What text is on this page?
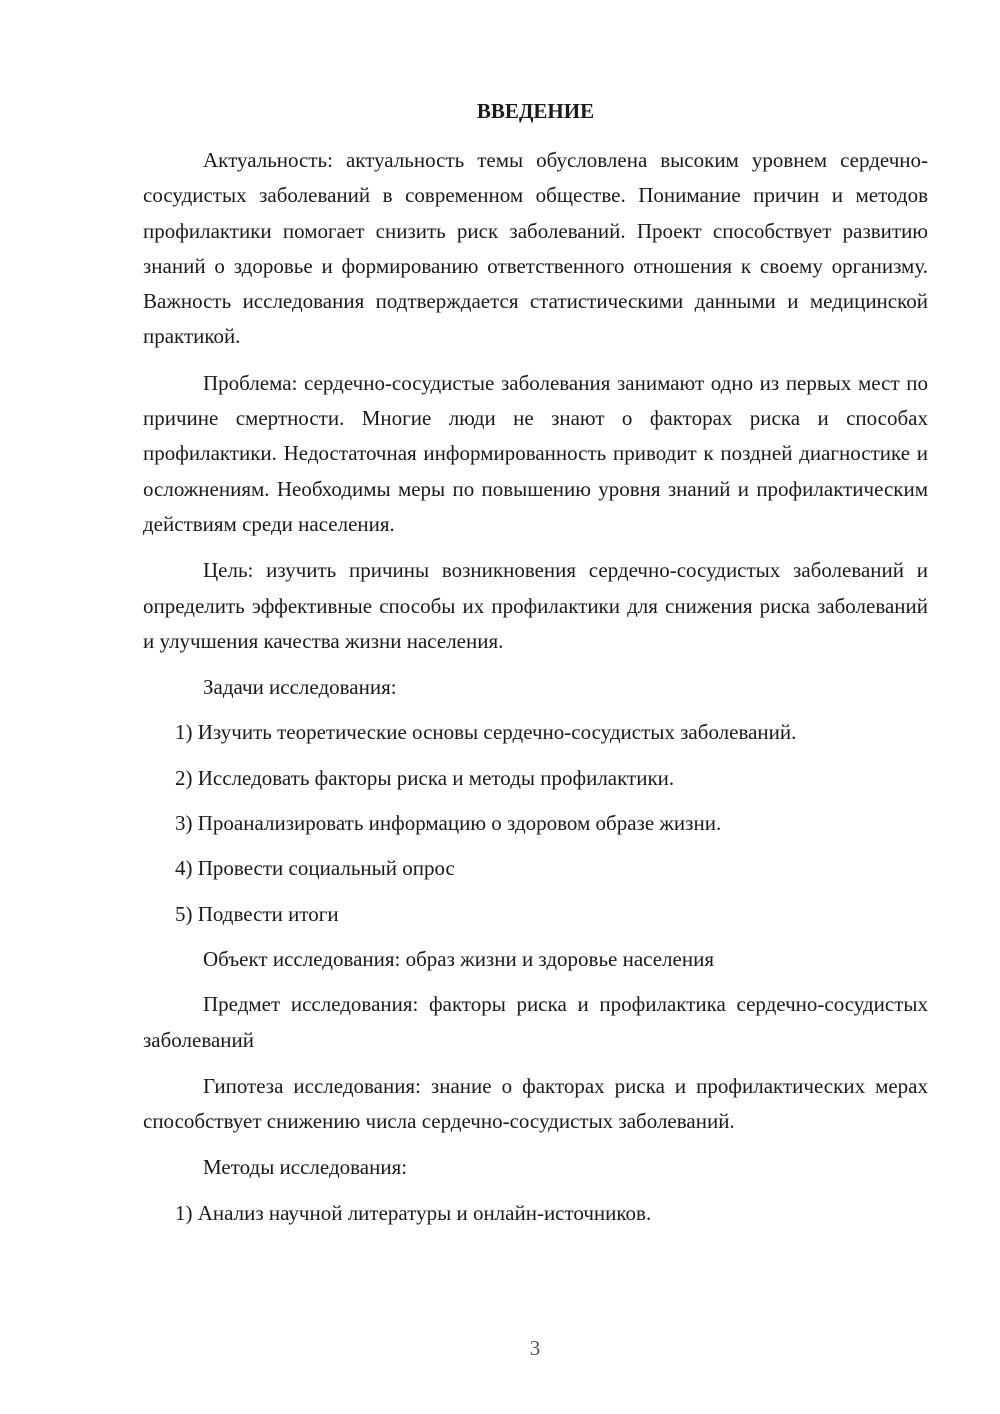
ВВЕДЕНИЕ

Актуальность: актуальность темы обусловлена высоким уровнем сердечно-сосудистых заболеваний в современном обществе. Понимание причин и методов профилактики помогает снизить риск заболеваний. Проект способствует развитию знаний о здоровье и формированию ответственного отношения к своему организму. Важность исследования подтверждается статистическими данными и медицинской практикой.

Проблема: сердечно-сосудистые заболевания занимают одно из первых мест по причине смертности. Многие люди не знают о факторах риска и способах профилактики. Недостаточная информированность приводит к поздней диагностике и осложнениям. Необходимы меры по повышению уровня знаний и профилактическим действиям среди населения.

Цель: изучить причины возникновения сердечно-сосудистых заболеваний и определить эффективные способы их профилактики для снижения риска заболеваний и улучшения качества жизни населения.

Задачи исследования:

1) Изучить теоретические основы сердечно-сосудистых заболеваний.
2) Исследовать факторы риска и методы профилактики.
3) Проанализировать информацию о здоровом образе жизни.
4) Провести социальный опрос
5) Подвести итоги

Объект исследования: образ жизни и здоровье населения

Предмет исследования: факторы риска и профилактика сердечно-сосудистых заболеваний

Гипотеза исследования: знание о факторах риска и профилактических мерах способствует снижению числа сердечно-сосудистых заболеваний.

Методы исследования:

1) Анализ научной литературы и онлайн-источников.
3
